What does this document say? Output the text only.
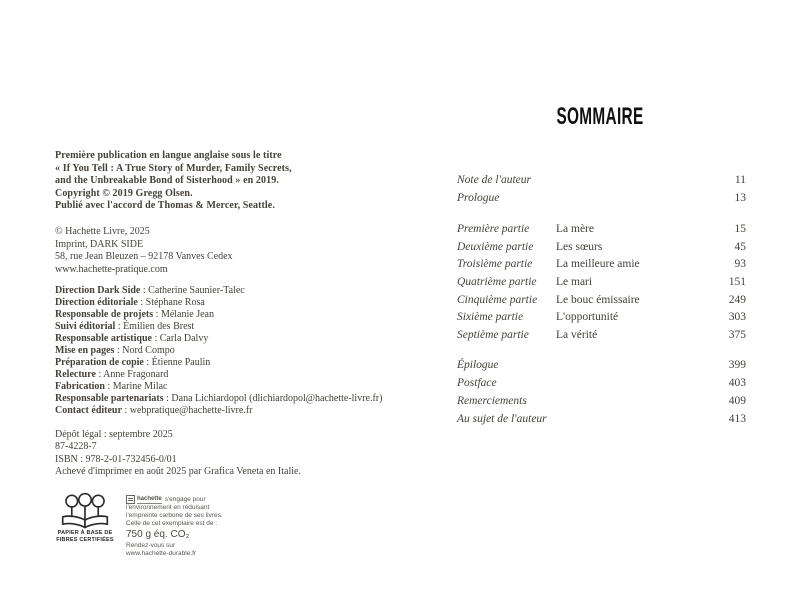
Première publication en langue anglaise sous le titre
« If You Tell : A True Story of Murder, Family Secrets,
and the Unbreakable Bond of Sisterhood » en 2019.
Copyright © 2019 Gregg Olsen.
Publié avec l'accord de Thomas & Mercer, Seattle.
© Hachette Livre, 2025
Imprint, DARK SIDE
58, rue Jean Bleuzen – 92178 Vanves Cedex
www.hachette-pratique.com
Direction Dark Side : Catherine Saunier-Talec
Direction éditoriale : Stéphane Rosa
Responsable de projets : Mélanie Jean
Suivi éditorial : Émilien des Brest
Responsable artistique : Carla Dalvy
Mise en pages : Nord Compo
Préparation de copie : Étienne Paulin
Relecture : Anne Fragonard
Fabrication : Marine Milac
Responsable partenariats : Dana Lichiardopol (dlichiardopol@hachette-livre.fr)
Contact éditeur : webpratique@hachette-livre.fr
Dépôt légal : septembre 2025
87-4228-7
ISBN : 978-2-01-732456-0/01
Achevé d'imprimer en août 2025 par Grafica Veneta en Italie.
PAPIER À BASE DE
FIBRES CERTIFIÉES
hachette s'engage pour
l'environnement en réduisant
l'empreinte carbone de ses livres.
Celle de cet exemplaire est de :
750 g éq. CO₂
Rendez-vous sur
www.hachette-durable.fr
SOMMAIRE
Note de l'auteur	11
Prologue	13
Première partie	La mère	15
Deuxième partie	Les sœurs	45
Troisième partie	La meilleure amie	93
Quatrième partie	Le mari	151
Cinquième partie	Le bouc émissaire	249
Sixième partie	L'opportunité	303
Septième partie	La vérité	375
Épilogue	399
Postface	403
Remerciements	409
Au sujet de l'auteur	413
